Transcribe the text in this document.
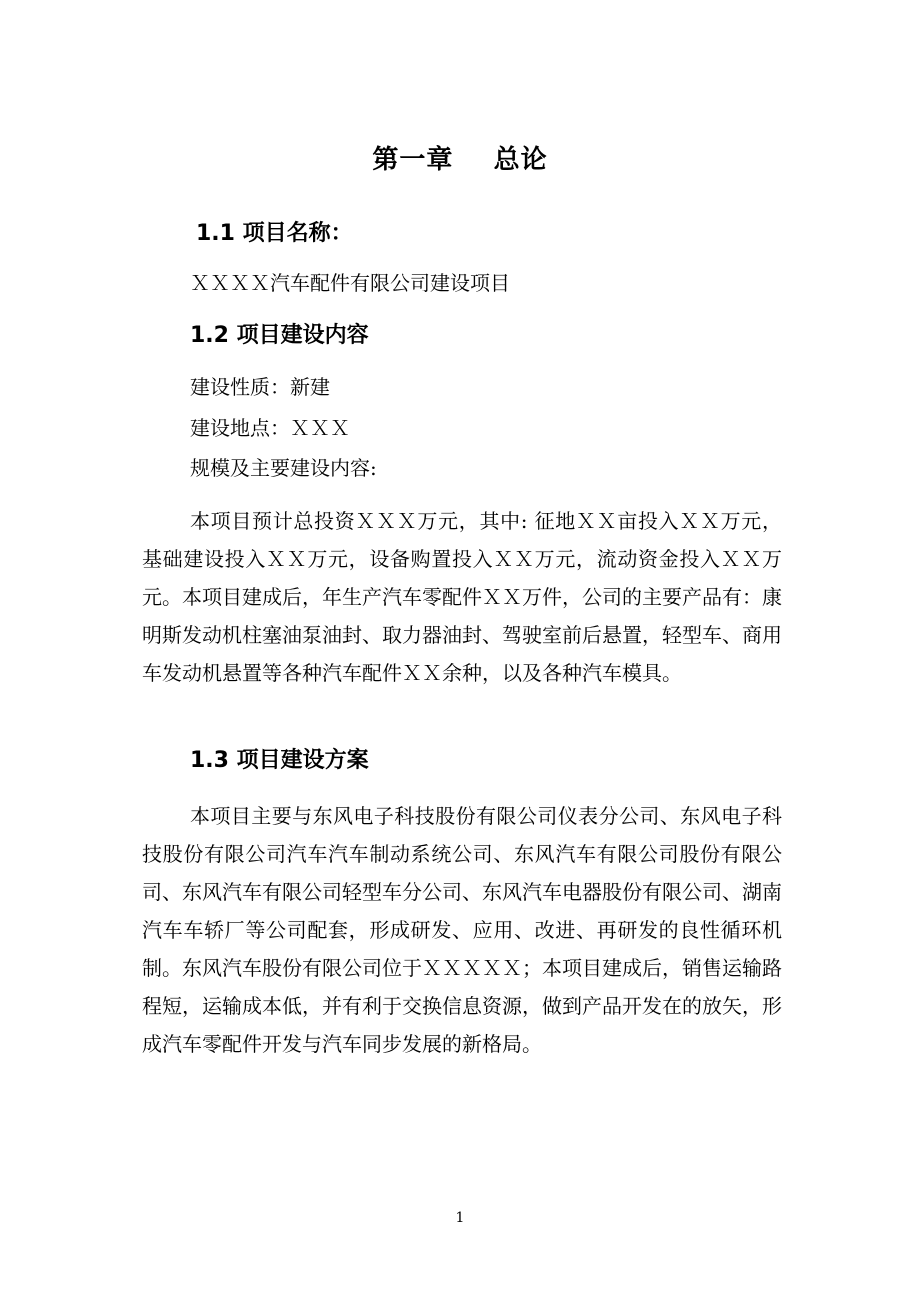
第一章    总论
1.1 项目名称：
ＸＸＸＸ汽车配件有限公司建设项目
1.2 项目建设内容
建设性质：新建
建设地点：ＸＸＸ
规模及主要建设内容:

本项目预计总投资ＸＸＸ万元，其中: 征地ＸＸ亩投入ＸＸ万元，基础建设投入ＸＸ万元，设备购置投入ＸＸ万元，流动资金投入ＸＸ万元。本项目建成后，年生产汽车零配件ＸＸ万件，公司的主要产品有：康明斯发动机柱塞油泵油封、取力器油封、驾驶室前后悬置，轻型车、商用车发动机悬置等各种汽车配件ＸＸ余种，以及各种汽车模具。

1.3 项目建设方案

本项目主要与东风电子科技股份有限公司仪表分公司、东风电子科技股份有限公司汽车汽车制动系统公司、东风汽车有限公司股份有限公司、东风汽车有限公司轻型车分公司、东风汽车电器股份有限公司、湖南汽车车轿厂等公司配套，形成研发、应用、改进、再研发的良性循环机制。东风汽车股份有限公司位于ＸＸＸＸＸ；本项目建成后，销售运输路程短，运输成本低，并有利于交换信息资源，做到产品开发在的放矢，形成汽车零配件开发与汽车同步发展的新格局。

1
